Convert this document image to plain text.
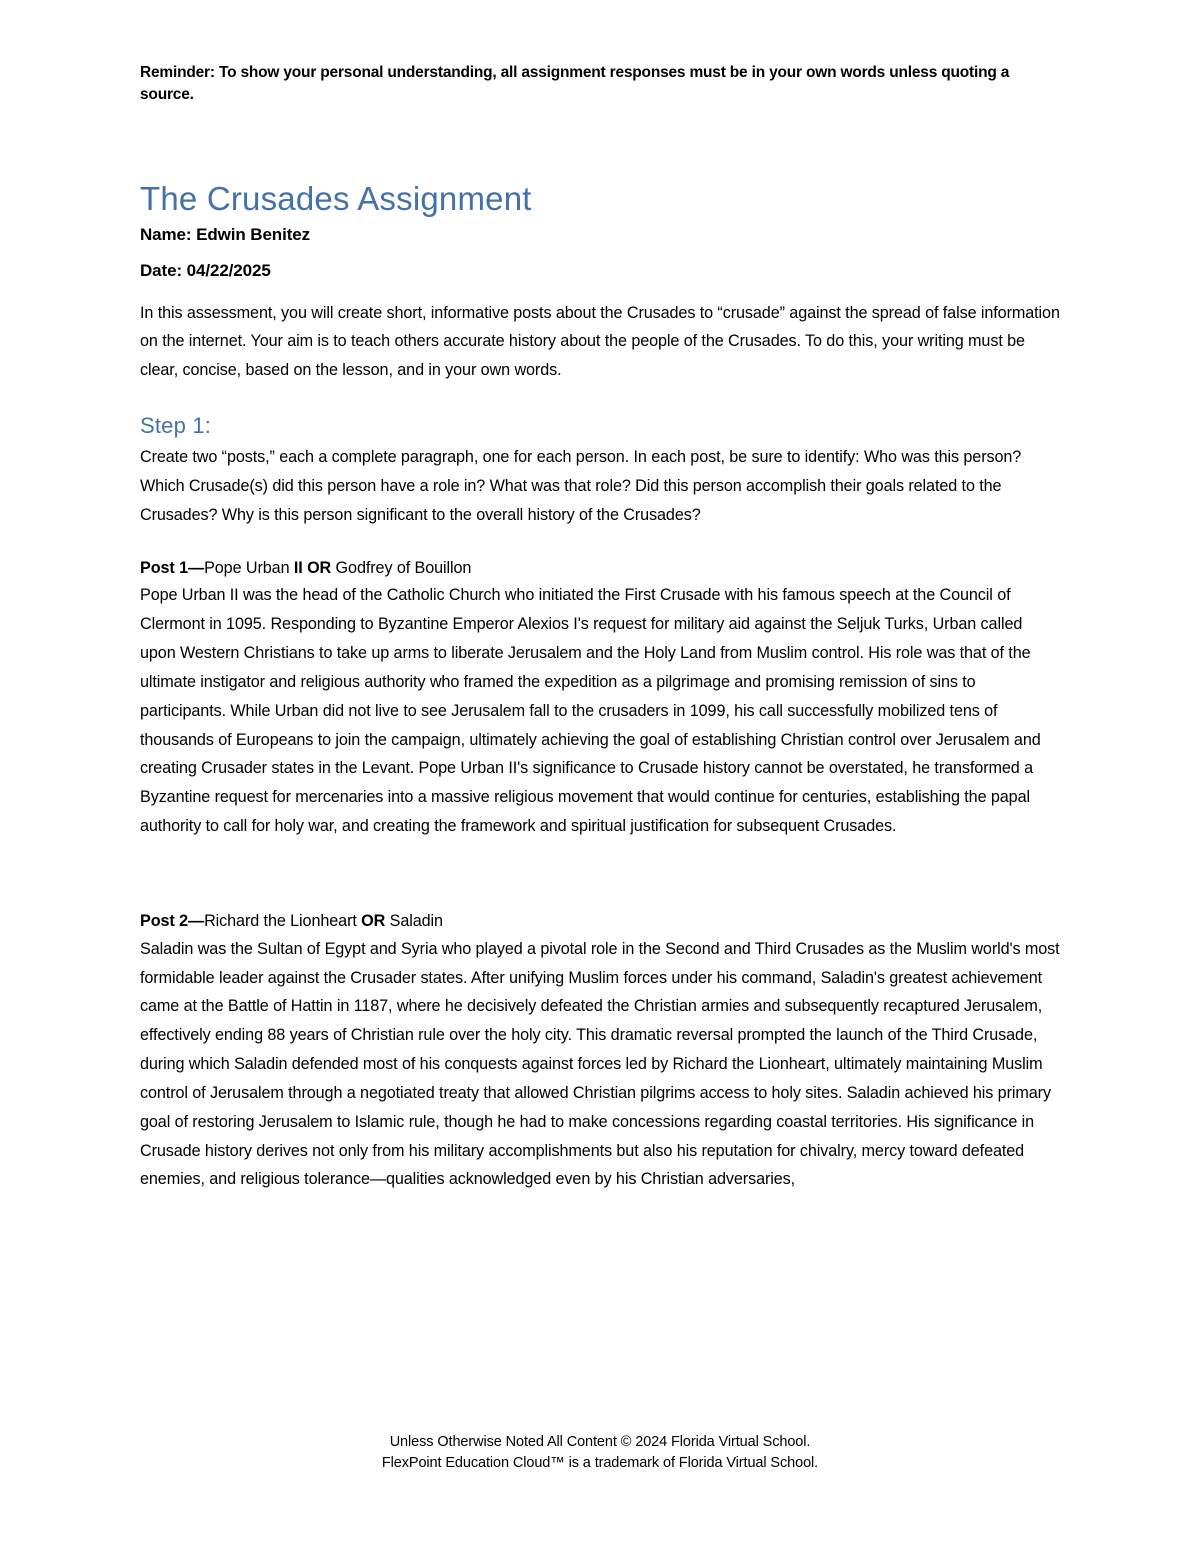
Reminder: To show your personal understanding, all assignment responses must be in your own words unless quoting a source.

The Crusades Assignment

Name: Edwin Benitez

Date: 04/22/2025

In this assessment, you will create short, informative posts about the Crusades to “crusade” against the spread of false information on the internet. Your aim is to teach others accurate history about the people of the Crusades. To do this, your writing must be clear, concise, based on the lesson, and in your own words.

Step 1:

Create two “posts,” each a complete paragraph, one for each person. In each post, be sure to identify: Who was this person? Which Crusade(s) did this person have a role in? What was that role? Did this person accomplish their goals related to the Crusades? Why is this person significant to the overall history of the Crusades?

Post 1—Pope Urban II OR Godfrey of Bouillon

Pope Urban II was the head of the Catholic Church who initiated the First Crusade with his famous speech at the Council of Clermont in 1095. Responding to Byzantine Emperor Alexios I's request for military aid against the Seljuk Turks, Urban called upon Western Christians to take up arms to liberate Jerusalem and the Holy Land from Muslim control. His role was that of the ultimate instigator and religious authority who framed the expedition as a pilgrimage and promising remission of sins to participants. While Urban did not live to see Jerusalem fall to the crusaders in 1099, his call successfully mobilized tens of thousands of Europeans to join the campaign, ultimately achieving the goal of establishing Christian control over Jerusalem and creating Crusader states in the Levant. Pope Urban II's significance to Crusade history cannot be overstated, he transformed a Byzantine request for mercenaries into a massive religious movement that would continue for centuries, establishing the papal authority to call for holy war, and creating the framework and spiritual justification for subsequent Crusades.

Post 2—Richard the Lionheart OR Saladin

Saladin was the Sultan of Egypt and Syria who played a pivotal role in the Second and Third Crusades as the Muslim world's most formidable leader against the Crusader states. After unifying Muslim forces under his command, Saladin's greatest achievement came at the Battle of Hattin in 1187, where he decisively defeated the Christian armies and subsequently recaptured Jerusalem, effectively ending 88 years of Christian rule over the holy city. This dramatic reversal prompted the launch of the Third Crusade, during which Saladin defended most of his conquests against forces led by Richard the Lionheart, ultimately maintaining Muslim control of Jerusalem through a negotiated treaty that allowed Christian pilgrims access to holy sites. Saladin achieved his primary goal of restoring Jerusalem to Islamic rule, though he had to make concessions regarding coastal territories. His significance in Crusade history derives not only from his military accomplishments but also his reputation for chivalry, mercy toward defeated enemies, and religious tolerance—qualities acknowledged even by his Christian adversaries,

Unless Otherwise Noted All Content © 2024 Florida Virtual School.
FlexPoint Education Cloud™ is a trademark of Florida Virtual School.
